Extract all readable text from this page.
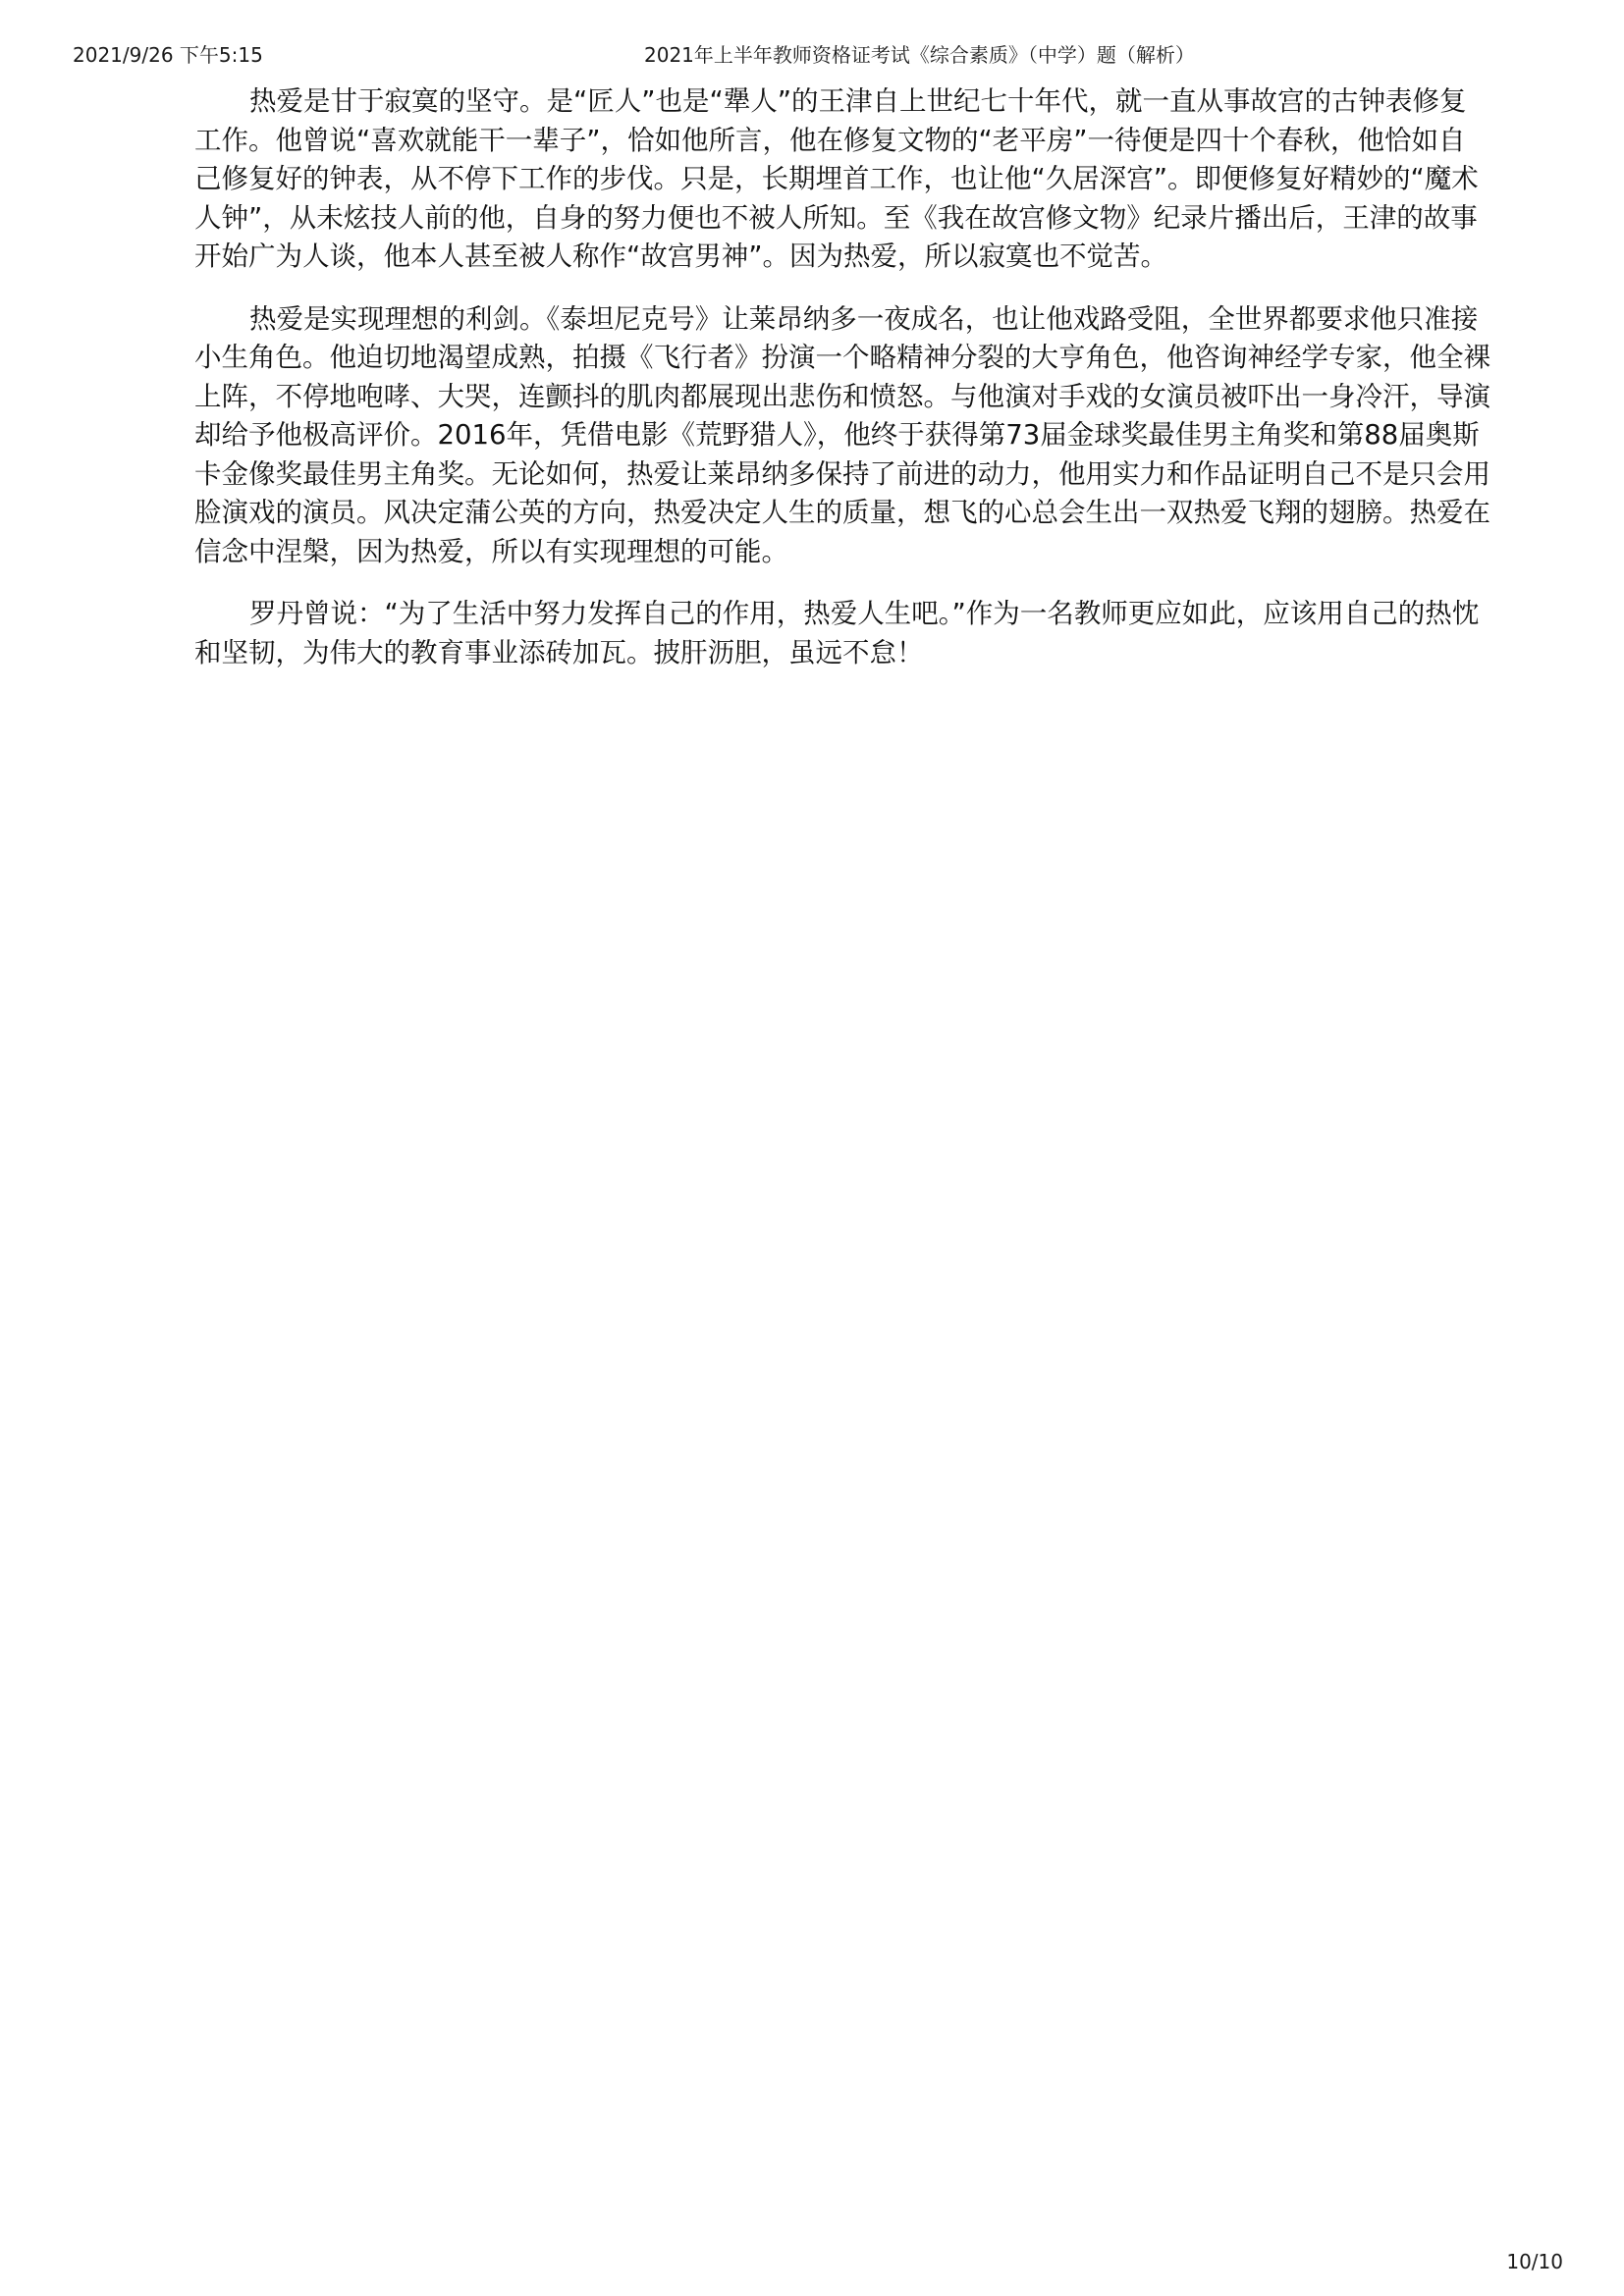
2021/9/26 下午5:15	2021年上半年教师资格证考试《综合素质》（中学）题（解析）

热爱是甘于寂寞的坚守。是“匠人”也是“犟人”的王津自上世纪七十年代，就一直从事故宫的古钟表修复工作。他曾说“喜欢就能干一辈子”，恰如他所言，他在修复文物的“老平房”一待便是四十个春秋，他恰如自己修复好的钟表，从不停下工作的步伐。只是，长期埋首工作，也让他“久居深宫”。即便修复好精妙的“魔术人钟”，从未炫技人前的他，自身的努力便也不被人所知。至《我在故宫修文物》纪录片播出后，王津的故事开始广为人谈，他本人甚至被人称作“故宫男神”。因为热爱，所以寂寞也不觉苦。

热爱是实现理想的利剑。《泰坦尼克号》让莱昂纳多一夜成名，也让他戏路受阻，全世界都要求他只准接小生角色。他迫切地渴望成熟，拍摄《飞行者》扮演一个略精神分裂的大亨角色，他咨询神经学专家，他全裸上阵，不停地咆哮、大哭，连颤抖的肌肉都展现出悲伤和愤怒。与他演对手戏的女演员被吓出一身冷汗，导演却给予他极高评价。2016年，凭借电影《荒野猎人》，他终于获得第73届金球奖最佳男主角奖和第88届奥斯卡金像奖最佳男主角奖。无论如何，热爱让莱昂纳多保持了前进的动力，他用实力和作品证明自己不是只会用脸演戏的演员。风决定蒲公英的方向，热爱决定人生的质量，想飞的心总会生出一双热爱飞翔的翅膀。热爱在信念中涅槃，因为热爱，所以有实现理想的可能。

罗丹曾说：“为了生活中努力发挥自己的作用，热爱人生吧。”作为一名教师更应如此，应该用自己的热忱和坚韧，为伟大的教育事业添砖加瓦。披肝沥胆，虽远不怠！

10/10
